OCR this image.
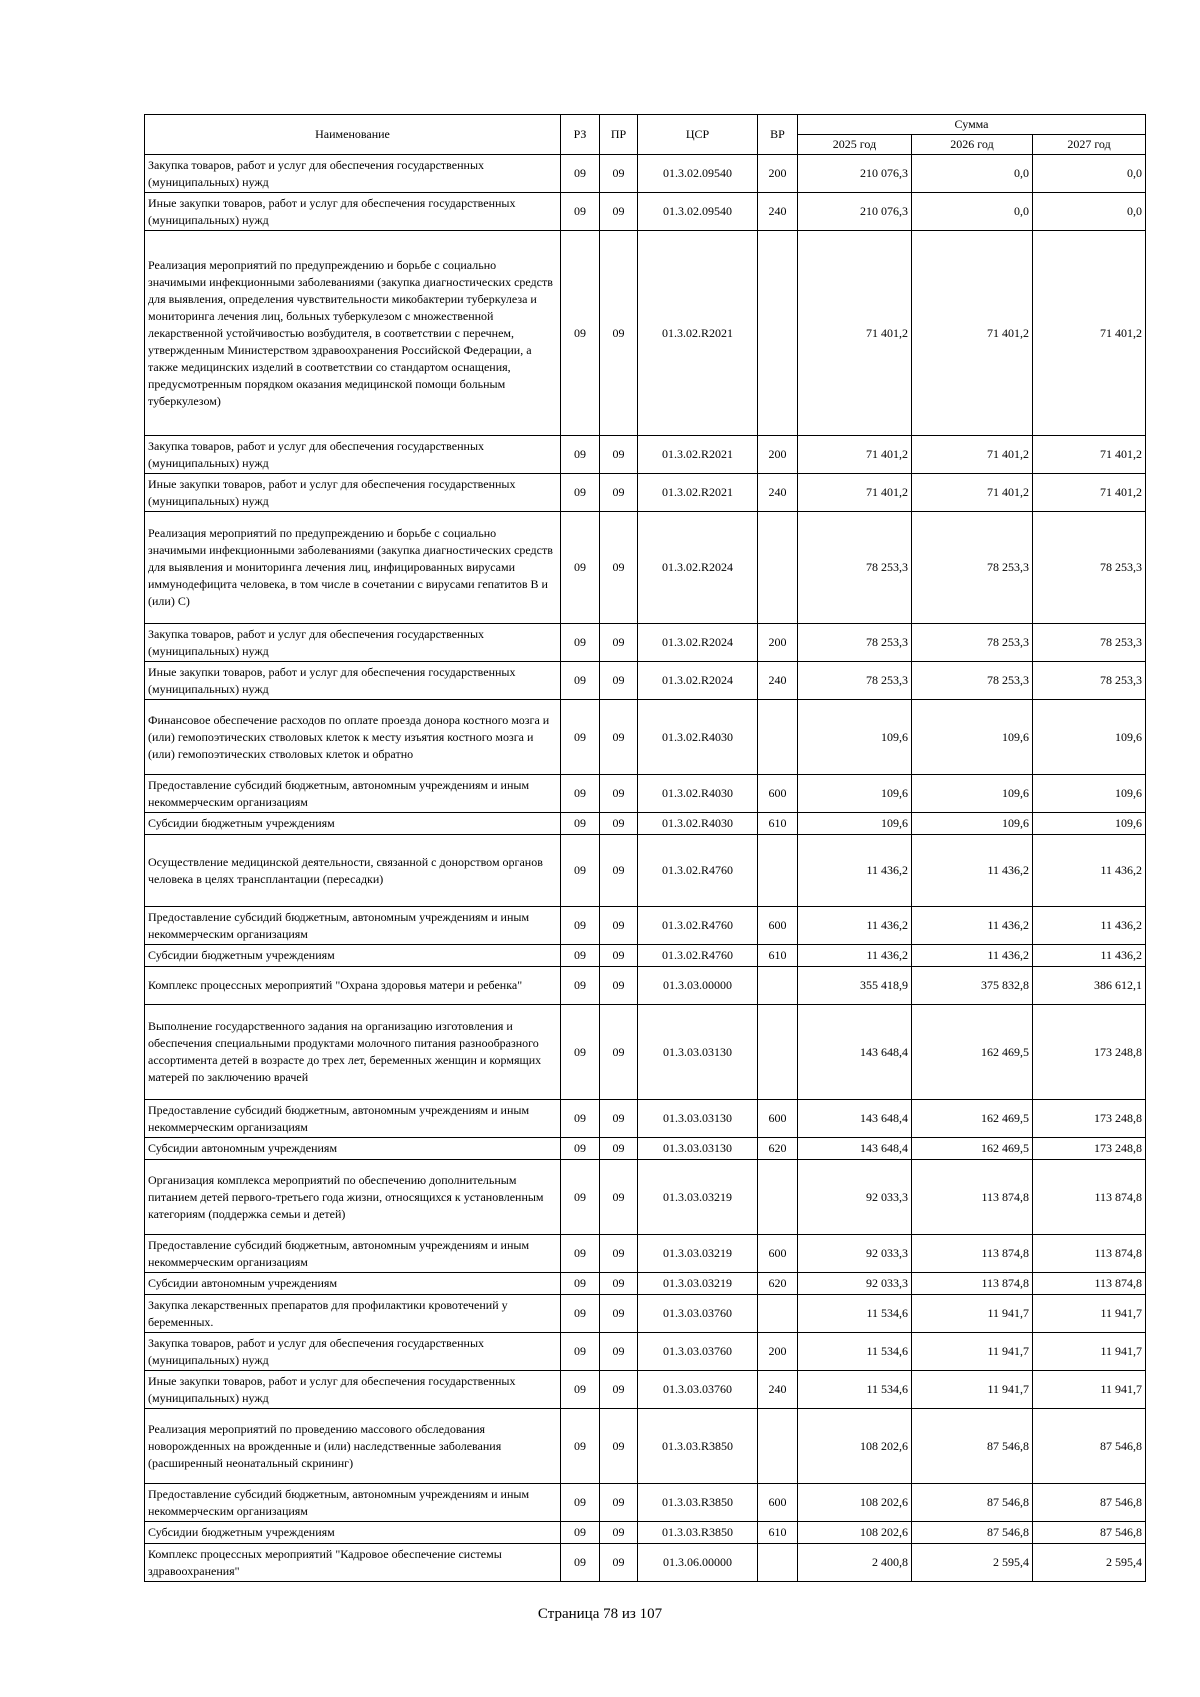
Наименование	РЗ	ПР	ЦСР	ВР	Сумма		
					2025 год	2026 год	2027 год
Закупка товаров, работ и услуг для обеспечения государственных (муниципальных) нужд	09	09	01.3.02.09540	200	210 076,3	0,0	0,0
Иные закупки товаров, работ и услуг для обеспечения государственных (муниципальных) нужд	09	09	01.3.02.09540	240	210 076,3	0,0	0,0
Реализация мероприятий по предупреждению и борьбе с социально значимыми инфекционными заболеваниями (закупка диагностических средств для выявления, определения чувствительности микобактерии туберкулеза и мониторинга лечения лиц, больных туберкулезом с множественной лекарственной устойчивостью возбудителя, в соответствии с перечнем, утвержденным Министерством здравоохранения Российской Федерации, а также медицинских изделий в соответствии со стандартом оснащения, предусмотренным порядком оказания медицинской помощи больным туберкулезом)	09	09	01.3.02.R2021		71 401,2	71 401,2	71 401,2
Закупка товаров, работ и услуг для обеспечения государственных (муниципальных) нужд	09	09	01.3.02.R2021	200	71 401,2	71 401,2	71 401,2
Иные закупки товаров, работ и услуг для обеспечения государственных (муниципальных) нужд	09	09	01.3.02.R2021	240	71 401,2	71 401,2	71 401,2
Реализация мероприятий по предупреждению и борьбе с социально значимыми инфекционными заболеваниями (закупка диагностических средств для выявления и мониторинга лечения лиц, инфицированных вирусами иммунодефицита человека, в том числе в сочетании с вирусами гепатитов В и (или) С)	09	09	01.3.02.R2024		78 253,3	78 253,3	78 253,3
Закупка товаров, работ и услуг для обеспечения государственных (муниципальных) нужд	09	09	01.3.02.R2024	200	78 253,3	78 253,3	78 253,3
Иные закупки товаров, работ и услуг для обеспечения государственных (муниципальных) нужд	09	09	01.3.02.R2024	240	78 253,3	78 253,3	78 253,3
Финансовое обеспечение расходов по оплате проезда донора костного мозга и (или) гемопоэтических стволовых клеток к месту изъятия костного мозга и (или) гемопоэтических стволовых клеток и обратно	09	09	01.3.02.R4030		109,6	109,6	109,6
Предоставление субсидий бюджетным, автономным учреждениям и иным некоммерческим организациям	09	09	01.3.02.R4030	600	109,6	109,6	109,6
Субсидии бюджетным учреждениям	09	09	01.3.02.R4030	610	109,6	109,6	109,6
Осуществление медицинской деятельности, связанной с донорством органов человека в целях трансплантации (пересадки)	09	09	01.3.02.R4760		11 436,2	11 436,2	11 436,2
Предоставление субсидий бюджетным, автономным учреждениям и иным некоммерческим организациям	09	09	01.3.02.R4760	600	11 436,2	11 436,2	11 436,2
Субсидии бюджетным учреждениям	09	09	01.3.02.R4760	610	11 436,2	11 436,2	11 436,2
Комплекс процессных мероприятий "Охрана здоровья матери и ребенка"	09	09	01.3.03.00000		355 418,9	375 832,8	386 612,1
Выполнение государственного задания на организацию изготовления и обеспечения специальными продуктами молочного питания разнообразного ассортимента детей в возрасте до трех лет, беременных женщин и кормящих матерей по заключению врачей	09	09	01.3.03.03130		143 648,4	162 469,5	173 248,8
Предоставление субсидий бюджетным, автономным учреждениям и иным некоммерческим организациям	09	09	01.3.03.03130	600	143 648,4	162 469,5	173 248,8
Субсидии автономным учреждениям	09	09	01.3.03.03130	620	143 648,4	162 469,5	173 248,8
Организация комплекса мероприятий по обеспечению дополнительным питанием детей первого-третьего года жизни, относящихся к установленным категориям (поддержка семьи и детей)	09	09	01.3.03.03219		92 033,3	113 874,8	113 874,8
Предоставление субсидий бюджетным, автономным учреждениям и иным некоммерческим организациям	09	09	01.3.03.03219	600	92 033,3	113 874,8	113 874,8
Субсидии автономным учреждениям	09	09	01.3.03.03219	620	92 033,3	113 874,8	113 874,8
Закупка лекарственных препаратов для профилактики кровотечений у беременных.	09	09	01.3.03.03760		11 534,6	11 941,7	11 941,7
Закупка товаров, работ и услуг для обеспечения государственных (муниципальных) нужд	09	09	01.3.03.03760	200	11 534,6	11 941,7	11 941,7
Иные закупки товаров, работ и услуг для обеспечения государственных (муниципальных) нужд	09	09	01.3.03.03760	240	11 534,6	11 941,7	11 941,7
Реализация мероприятий по проведению массового обследования новорожденных на врожденные и (или) наследственные заболевания (расширенный неонатальный скрининг)	09	09	01.3.03.R3850		108 202,6	87 546,8	87 546,8
Предоставление субсидий бюджетным, автономным учреждениям и иным некоммерческим организациям	09	09	01.3.03.R3850	600	108 202,6	87 546,8	87 546,8
Субсидии бюджетным учреждениям	09	09	01.3.03.R3850	610	108 202,6	87 546,8	87 546,8
Комплекс процессных мероприятий "Кадровое обеспечение системы здравоохранения"	09	09	01.3.06.00000		2 400,8	2 595,4	2 595,4
Страница 78 из 107
